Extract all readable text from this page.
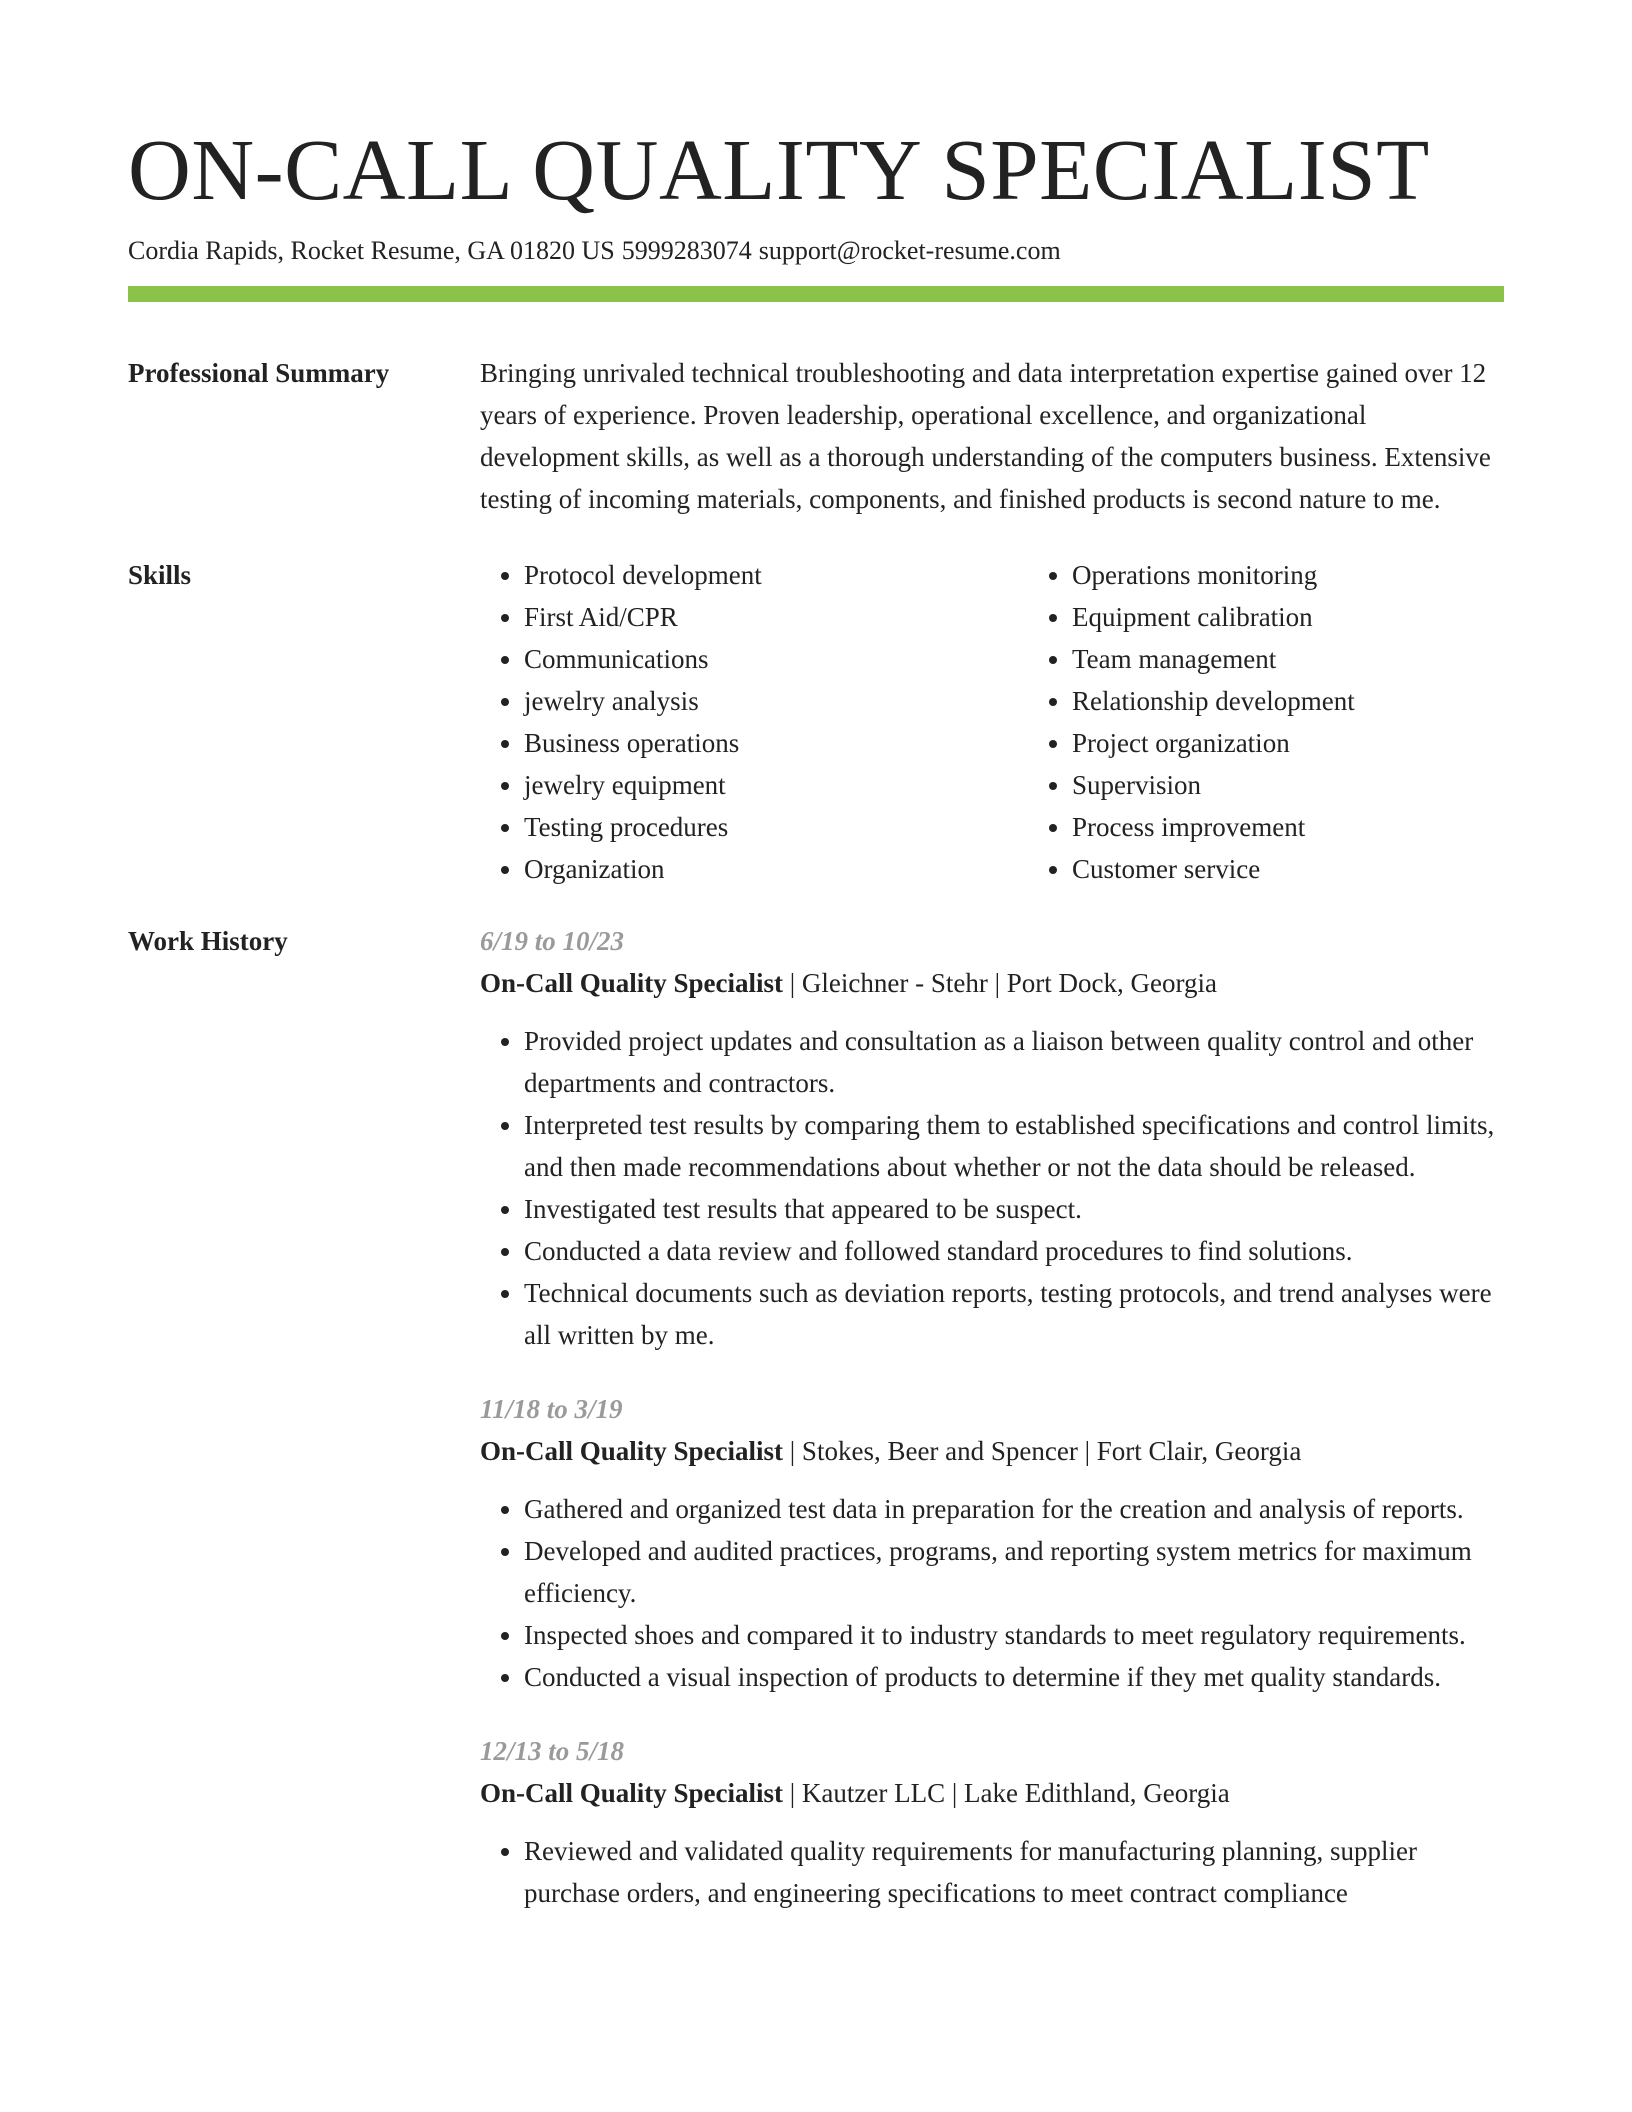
ON-CALL QUALITY SPECIALIST
Cordia Rapids, Rocket Resume, GA 01820 US 5999283074 support@rocket-resume.com
Professional Summary	Bringing unrivaled technical troubleshooting and data interpretation expertise gained over 12 years of experience. Proven leadership, operational excellence, and organizational development skills, as well as a thorough understanding of the computers business. Extensive testing of incoming materials, components, and finished products is second nature to me.

Skills
•	Protocol development
• First Aid/CPR
• Communications
• jewelry analysis
• Business operations
• jewelry equipment
• Testing procedures
• Organization
• Operations monitoring
• Equipment calibration
• Team management
• Relationship development
• Project organization
• Supervision
• Process improvement
• Customer service
Work History	6/19 to 10/23
On-Call Quality Specialist | Gleichner - Stehr | Port Dock, Georgia
• Provided project updates and consultation as a liaison between quality control and other departments and contractors.
• Interpreted test results by comparing them to established specifications and control limits, and then made recommendations about whether or not the data should be released.
• Investigated test results that appeared to be suspect.
• Conducted a data review and followed standard procedures to find solutions.
• Technical documents such as deviation reports, testing protocols, and trend analyses were all written by me.
11/18 to 3/19
On-Call Quality Specialist | Stokes, Beer and Spencer | Fort Clair, Georgia
• Gathered and organized test data in preparation for the creation and analysis of reports.
• Developed and audited practices, programs, and reporting system metrics for maximum efficiency.
• Inspected shoes and compared it to industry standards to meet regulatory requirements.
• Conducted a visual inspection of products to determine if they met quality standards.
12/13 to 5/18
On-Call Quality Specialist | Kautzer LLC | Lake Edithland, Georgia
• Reviewed and validated quality requirements for manufacturing planning, supplier purchase orders, and engineering specifications to meet contract compliance
